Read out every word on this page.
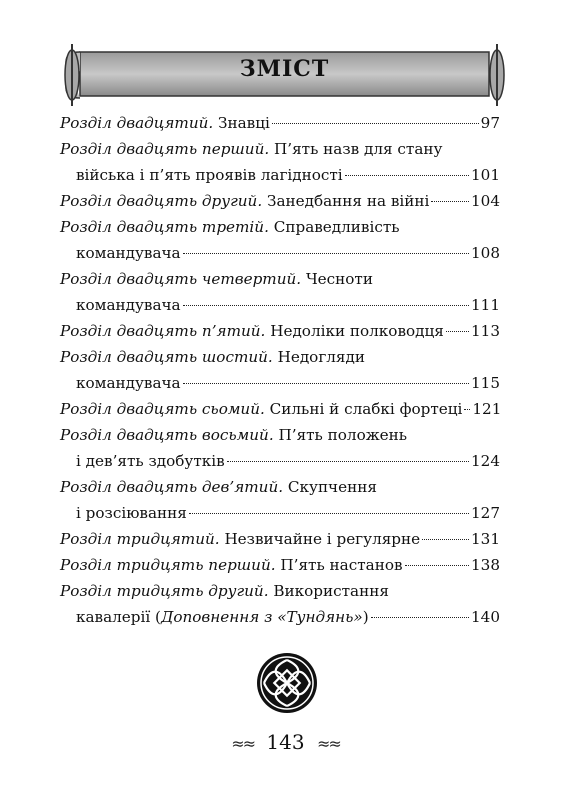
ЗМІСТ
Розділ двадцятий. Знавці	97
Розділ двадцять перший. П’ять назв для стану
війська і п’ять проявів лагідності	101
Розділ двадцять другий. Занедбання на війні	104
Розділ двадцять третій. Справедливість
командувача	108
Розділ двадцять четвертий. Чесноти
командувача	111
Розділ двадцять п’ятий. Недоліки полководця 113
Розділ двадцять шостий. Недогляди
командувача	115
Розділ двадцять сьомий. Сильні й слабкі фортеці 121
Розділ двадцять восьмий. П’ять положень
і дев’ять здобутків	124
Розділ двадцять дев’ятий. Скупчення
і розсіювання	127
Розділ тридцятий. Незвичайне і регулярне	131
Розділ тридцять перший. П’ять настанов	138
Розділ тридцять другий. Використання
кавалерії (Доповнення з «Тундянь»)	140
≈≈ 143 ≈≈
